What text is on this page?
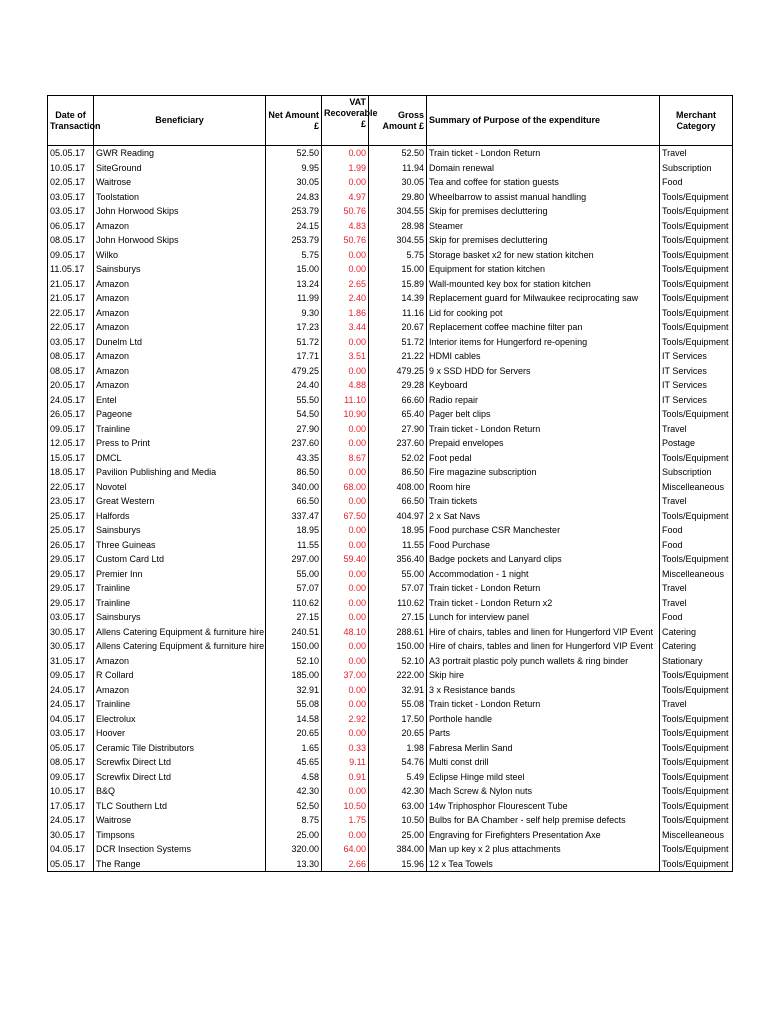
Date of Transaction	Beneficiary	Net Amount £	VAT Recoverable £	Gross Amount £	Summary of Purpose of the expenditure	Merchant Category
05.05.17	GWR Reading	52.50	0.00	52.50	Train ticket - London Return	Travel
10.05.17	SiteGround	9.95	1.99	11.94	Domain renewal	Subscription
02.05.17	Waitrose	30.05	0.00	30.05	Tea and coffee for station guests	Food
03.05.17	Toolstation	24.83	4.97	29.80	Wheelbarrow to assist manual handling	Tools/Equipment
03.05.17	John Horwood Skips	253.79	50.76	304.55	Skip for premises decluttering	Tools/Equipment
06.05.17	Amazon	24.15	4.83	28.98	Steamer	Tools/Equipment
08.05.17	John Horwood Skips	253.79	50.76	304.55	Skip for premises decluttering	Tools/Equipment
09.05.17	Wilko	5.75	0.00	5.75	Storage basket x2 for new station kitchen	Tools/Equipment
11.05.17	Sainsburys	15.00	0.00	15.00	Equipment for station kitchen	Tools/Equipment
21.05.17	Amazon	13.24	2.65	15.89	Wall-mounted key box for station kitchen	Tools/Equipment
21.05.17	Amazon	11.99	2.40	14.39	Replacement guard for Milwaukee reciprocating saw	Tools/Equipment
22.05.17	Amazon	9.30	1.86	11.16	Lid for cooking pot	Tools/Equipment
22.05.17	Amazon	17.23	3.44	20.67	Replacement coffee machine filter pan	Tools/Equipment
03.05.17	Dunelm Ltd	51.72	0.00	51.72	Interior items for Hungerford re-opening	Tools/Equipment
08.05.17	Amazon	17.71	3.51	21.22	HDMI cables	IT Services
08.05.17	Amazon	479.25	0.00	479.25	9 x SSD HDD for Servers	IT Services
20.05.17	Amazon	24.40	4.88	29.28	Keyboard	IT Services
24.05.17	Entel	55.50	11.10	66.60	Radio repair	IT Services
26.05.17	Pageone	54.50	10.90	65.40	Pager belt clips	Tools/Equipment
09.05.17	Trainline	27.90	0.00	27.90	Train ticket - London Return	Travel
12.05.17	Press to Print	237.60	0.00	237.60	Prepaid envelopes	Postage
15.05.17	DMCL	43.35	8.67	52.02	Foot pedal	Tools/Equipment
18.05.17	Pavilion Publishing and Media	86.50	0.00	86.50	Fire magazine subscription	Subscription
22.05.17	Novotel	340.00	68.00	408.00	Room hire	Miscelleaneous
23.05.17	Great Western	66.50	0.00	66.50	Train tickets	Travel
25.05.17	Halfords	337.47	67.50	404.97	2 x Sat Navs	Tools/Equipment
25.05.17	Sainsburys	18.95	0.00	18.95	Food purchase CSR Manchester	Food
26.05.17	Three Guineas	11.55	0.00	11.55	Food Purchase	Food
29.05.17	Custom Card Ltd	297.00	59.40	356.40	Badge pockets and Lanyard clips	Tools/Equipment
29.05.17	Premier Inn	55.00	0.00	55.00	Accommodation - 1 night	Miscelleaneous
29.05.17	Trainline	57.07	0.00	57.07	Train ticket - London Return	Travel
29.05.17	Trainline	110.62	0.00	110.62	Train ticket - London Return x2	Travel
03.05.17	Sainsburys	27.15	0.00	27.15	Lunch for interview panel	Food
30.05.17	Allens Catering Equipment & furniture hire	240.51	48.10	288.61	Hire of chairs, tables and linen for Hungerford VIP Event	Catering
30.05.17	Allens Catering Equipment & furniture hire	150.00	0.00	150.00	Hire of chairs, tables and linen for Hungerford VIP Event	Catering
31.05.17	Amazon	52.10	0.00	52.10	A3 portrait plastic poly punch wallets & ring binder	Stationary
09.05.17	R Collard	185.00	37.00	222.00	Skip hire	Tools/Equipment
24.05.17	Amazon	32.91	0.00	32.91	3 x Resistance bands	Tools/Equipment
24.05.17	Trainline	55.08	0.00	55.08	Train ticket - London Return	Travel
04.05.17	Electrolux	14.58	2.92	17.50	Porthole handle	Tools/Equipment
03.05.17	Hoover	20.65	0.00	20.65	Parts	Tools/Equipment
05.05.17	Ceramic Tile Distributors	1.65	0.33	1.98	Fabresa Merlin Sand	Tools/Equipment
08.05.17	Screwfix Direct Ltd	45.65	9.11	54.76	Multi const drill	Tools/Equipment
09.05.17	Screwfix Direct Ltd	4.58	0.91	5.49	Eclipse Hinge mild steel	Tools/Equipment
10.05.17	B&Q	42.30	0.00	42.30	Mach Screw & Nylon nuts	Tools/Equipment
17.05.17	TLC Southern Ltd	52.50	10.50	63.00	14w Triphosphor Flourescent Tube	Tools/Equipment
24.05.17	Waitrose	8.75	1.75	10.50	Bulbs for BA Chamber - self help premise defects	Tools/Equipment
30.05.17	Timpsons	25.00	0.00	25.00	Engraving for Firefighters Presentation Axe	Miscelleaneous
04.05.17	DCR Insection Systems	320.00	64.00	384.00	Man up key x 2 plus attachments	Tools/Equipment
05.05.17	The Range	13.30	2.66	15.96	12 x Tea Towels	Tools/Equipment
